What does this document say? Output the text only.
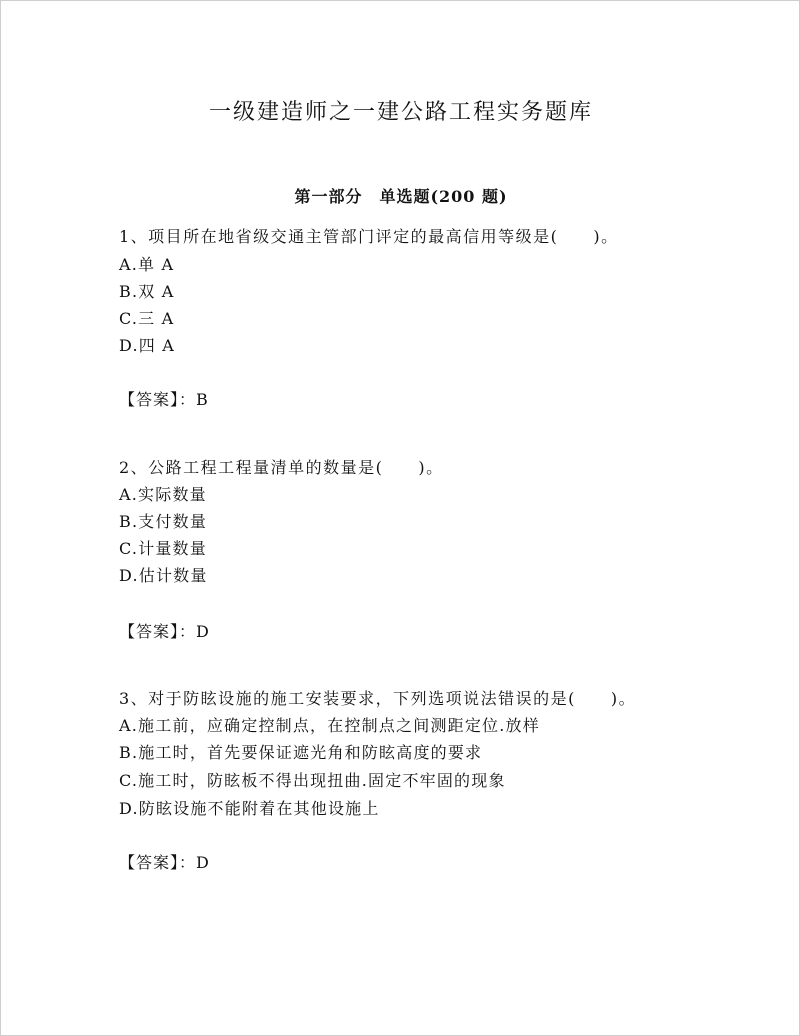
一级建造师之一建公路工程实务题库
第一部分　单选题(200 题)
1、项目所在地省级交通主管部门评定的最高信用等级是(　　)。
A.单 A
B.双 A
C.三 A
D.四 A
【答案】：B
2、公路工程工程量清单的数量是(　　)。
A.实际数量
B.支付数量
C.计量数量
D.估计数量
【答案】：D
3、对于防眩设施的施工安装要求，下列选项说法错误的是(　　)。
A.施工前，应确定控制点，在控制点之间测距定位.放样
B.施工时，首先要保证遮光角和防眩高度的要求
C.施工时，防眩板不得出现扭曲.固定不牢固的现象
D.防眩设施不能附着在其他设施上
【答案】：D
